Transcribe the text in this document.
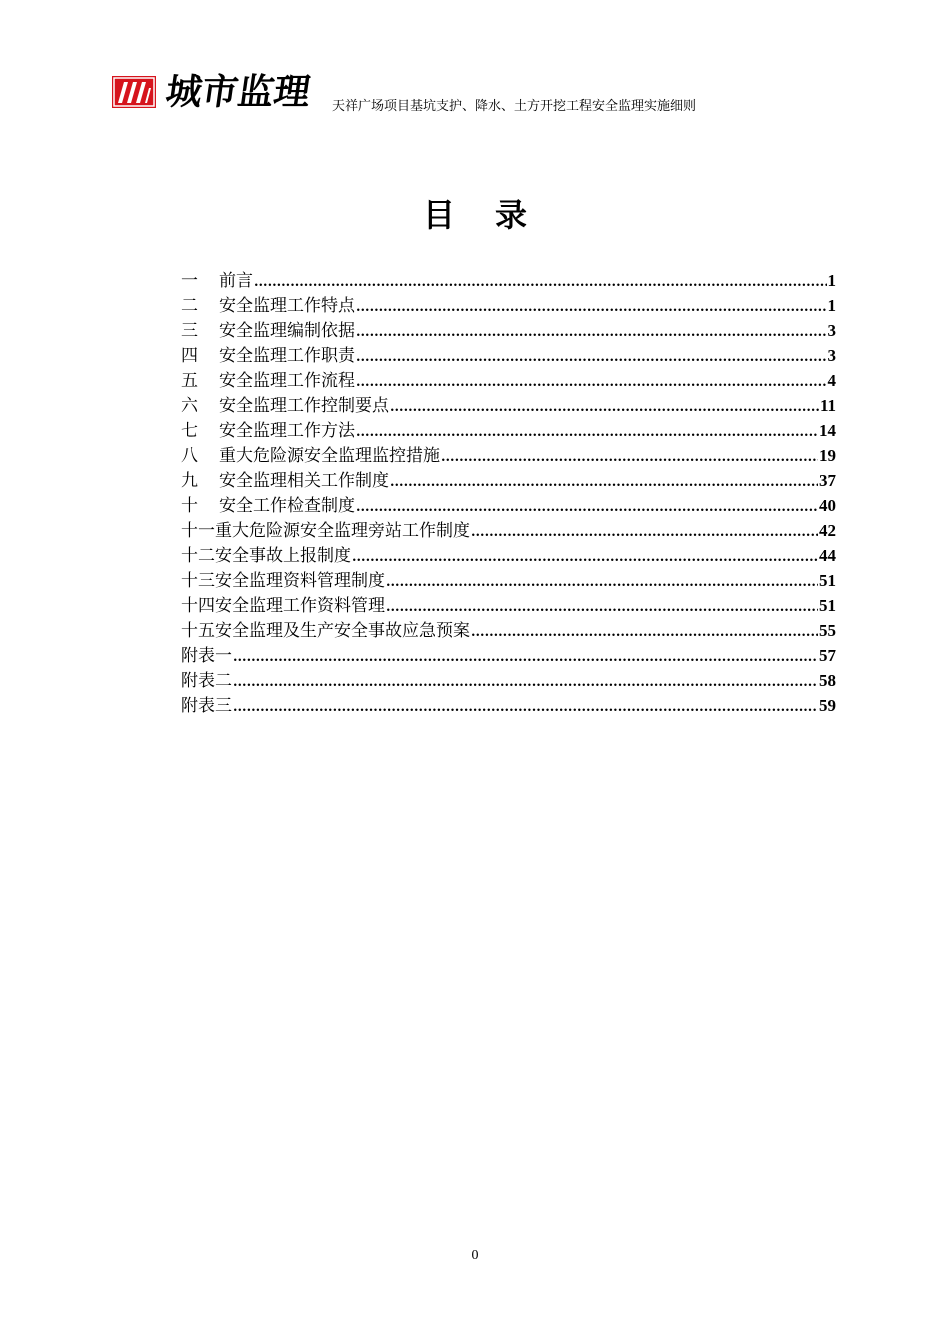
城市监理 天祥广场项目基坑支护、降水、土方开挖工程安全监理实施细则
目录
一	前言 .....	1
二	安全监理工作特点 .....	1
三	安全监理编制依据 .....	3
四	安全监理工作职责 .....	3
五	安全监理工作流程 .....	4
六	安全监理工作控制要点 .....	11
七	安全监理工作方法 .....	14
八	重大危险源安全监理监控措施 .....	19
九	安全监理相关工作制度 .....	37
十	安全工作检查制度 .....	40
十一 重大危险源安全监理旁站工作制度 .....	42
十二 安全事故上报制度 .....	44
十三 安全监理资料管理制度 .....	51
十四 安全监理工作资料管理 .....	51
十五 安全监理及生产安全事故应急预案 .....	55
附表一 .....	57
附表二 .....	58
附表三 .....	59
0
